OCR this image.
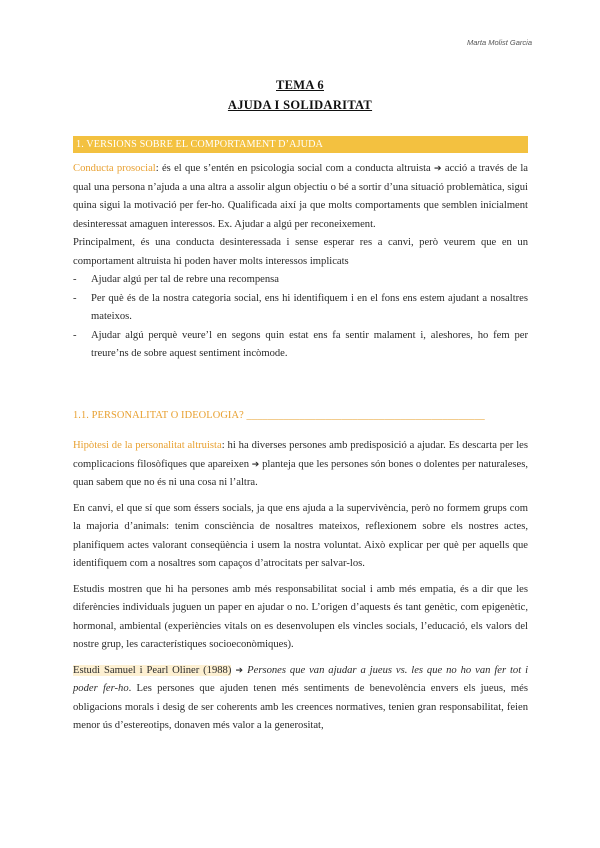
Marta Molist Garcia
TEMA 6
AJUDA I SOLIDARITAT
1. VERSIONS SOBRE EL COMPORTAMENT D’AJUDA

Conducta prosocial: és el que s’entén en psicologia social com a conducta altruista ➔ acció a través de la qual una persona n’ajuda a una altra a assolir algun objectiu o bé a sortir d’una situació problemàtica, sigui quina sigui la motivació per fer-ho. Qualificada així ja que molts comportaments que semblen inicialment desinteressat amaguen interessos. Ex. Ajudar a algú per reconeixement.

Principalment, és una conducta desinteressada i sense esperar res a canvi, però veurem que en un comportament altruista hi poden haver molts interessos implicats

- Ajudar algú per tal de rebre una recompensa
- Per què és de la nostra categoria social, ens hi identifiquem i en el fons ens estem ajudant a nosaltres mateixos.
- Ajudar algú perquè veure’l en segons quin estat ens fa sentir malament i, aleshores, ho fem per treure’ns de sobre aquest sentiment incòmode.
1.1. PERSONALITAT O IDEOLOGIA? _____________________________________________

Hipòtesi de la personalitat altruista: hi ha diverses persones amb predisposició a ajudar. Es descarta per les complicacions filosòfiques que apareixen ➔ planteja que les persones són bones o dolentes per naturaleses, quan sabem que no és ni una cosa ni l’altra.

En canvi, el que sí que som éssers socials, ja que ens ajuda a la supervivència, però no formem grups com la majoria d’animals: tenim consciència de nosaltres mateixos, reflexionem sobre els nostres actes, planifiquem actes valorant conseqüència i usem la nostra voluntat. Això explicar per què per aquells que identifiquem com a nosaltres som capaços d’atrocitats per salvar-los.

Estudis mostren que hi ha persones amb més responsabilitat social i amb més empatia, és a dir que les diferències individuals juguen un paper en ajudar o no. L’origen d’aquests és tant genètic, com epigenètic, hormonal, ambiental (experiències vitals on es desenvolupen els vincles socials, l’educació, els valors del nostre grup, les característiques socioeconòmiques).

Estudi Samuel i Pearl Oliner (1988) ➔ Persones que van ajudar a jueus vs. les que no ho van fer tot i poder fer-ho. Les persones que ajuden tenen més sentiments de benevolència envers els jueus, més obligacions morals i desig de ser coherents amb les creences normatives, tenien gran responsabilitat, feien menor ús d’estereotips, donaven més valor a la generositat,
